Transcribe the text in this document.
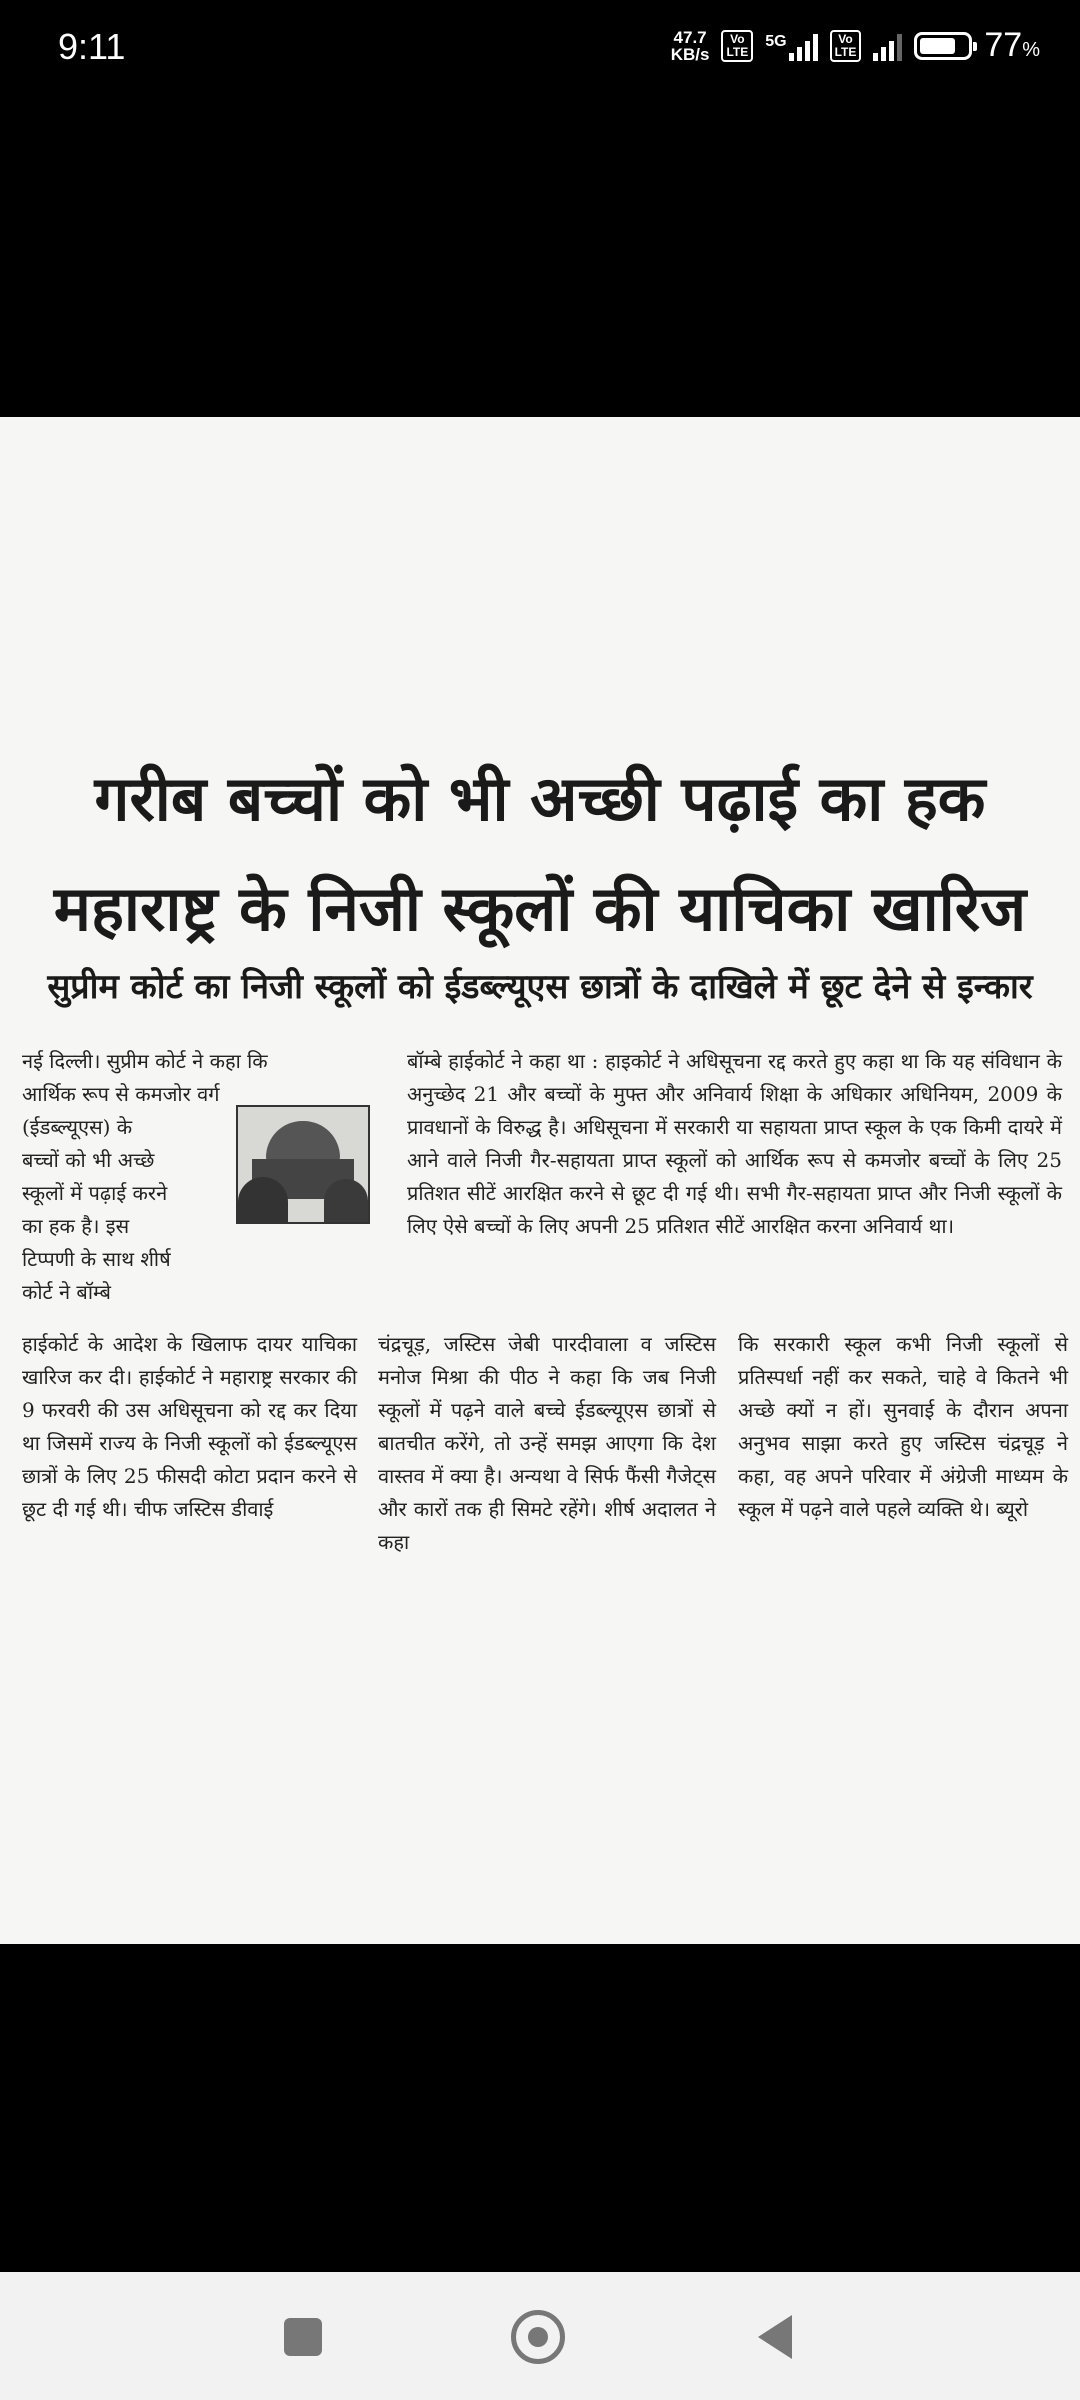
9:11	47.7
KB/s
Vo
LTE
5G	Vo
LTE	77%
गरीब बच्चों को भी अच्छी पढ़ाई का हक
महाराष्ट्र के निजी स्कूलों की याचिका खारिज
सुप्रीम कोर्ट का निजी स्कूलों को ईडब्ल्यूएस छात्रों के दाखिले में छूट देने से इन्कार
नई दिल्ली। सुप्रीम कोर्ट ने कहा कि
आर्थिक रूप से कमजोर वर्ग
(ईडब्ल्यूएस) के
बच्चों को भी अच्छे
स्कूलों में पढ़ाई करने
का हक है। इस
टिप्पणी के साथ शीर्ष
कोर्ट ने बॉम्बे
हाईकोर्ट के आदेश के खिलाफ दायर याचिका खारिज कर दी। हाईकोर्ट ने महाराष्ट्र सरकार की 9 फरवरी की उस अधिसूचना को रद्द कर दिया था जिसमें राज्य के निजी स्कूलों को ईडब्ल्यूएस छात्रों के लिए 25 फीसदी कोटा प्रदान करने से छूट दी गई थी। चीफ जस्टिस डीवाई
बॉम्बे हाईकोर्ट ने कहा था : हाइकोर्ट ने अधिसूचना रद्द करते हुए कहा था कि यह संविधान के अनुच्छेद 21 और बच्चों के मुफ्त और अनिवार्य शिक्षा के अधिकार अधिनियम, 2009 के प्रावधानों के विरुद्ध है। अधिसूचना में सरकारी या सहायता प्राप्त स्कूल के एक किमी दायरे में आने वाले निजी गैर-सहायता प्राप्त स्कूलों को आर्थिक रूप से कमजोर बच्चों के लिए 25 प्रतिशत सीटें आरक्षित करने से छूट दी गई थी। सभी गैर-सहायता प्राप्त और निजी स्कूलों के लिए ऐसे बच्चों के लिए अपनी 25 प्रतिशत सीटें आरक्षित करना अनिवार्य था।
चंद्रचूड़, जस्टिस जेबी पारदीवाला व जस्टिस मनोज मिश्रा की पीठ ने कहा कि जब निजी स्कूलों में पढ़ने वाले बच्चे ईडब्ल्यूएस छात्रों से बातचीत करेंगे, तो उन्हें समझ आएगा कि देश वास्तव में क्या है। अन्यथा वे सिर्फ फैंसी गैजेट्स और कारों तक ही सिमटे रहेंगे। शीर्ष अदालत ने कहा
कि सरकारी स्कूल कभी निजी स्कूलों से प्रतिस्पर्धा नहीं कर सकते, चाहे वे कितने भी अच्छे क्यों न हों। सुनवाई के दौरान अपना अनुभव साझा करते हुए जस्टिस चंद्रचूड़ ने कहा, वह अपने परिवार में अंग्रेजी माध्यम के स्कूल में पढ़ने वाले पहले व्यक्ति थे। ब्यूरो
